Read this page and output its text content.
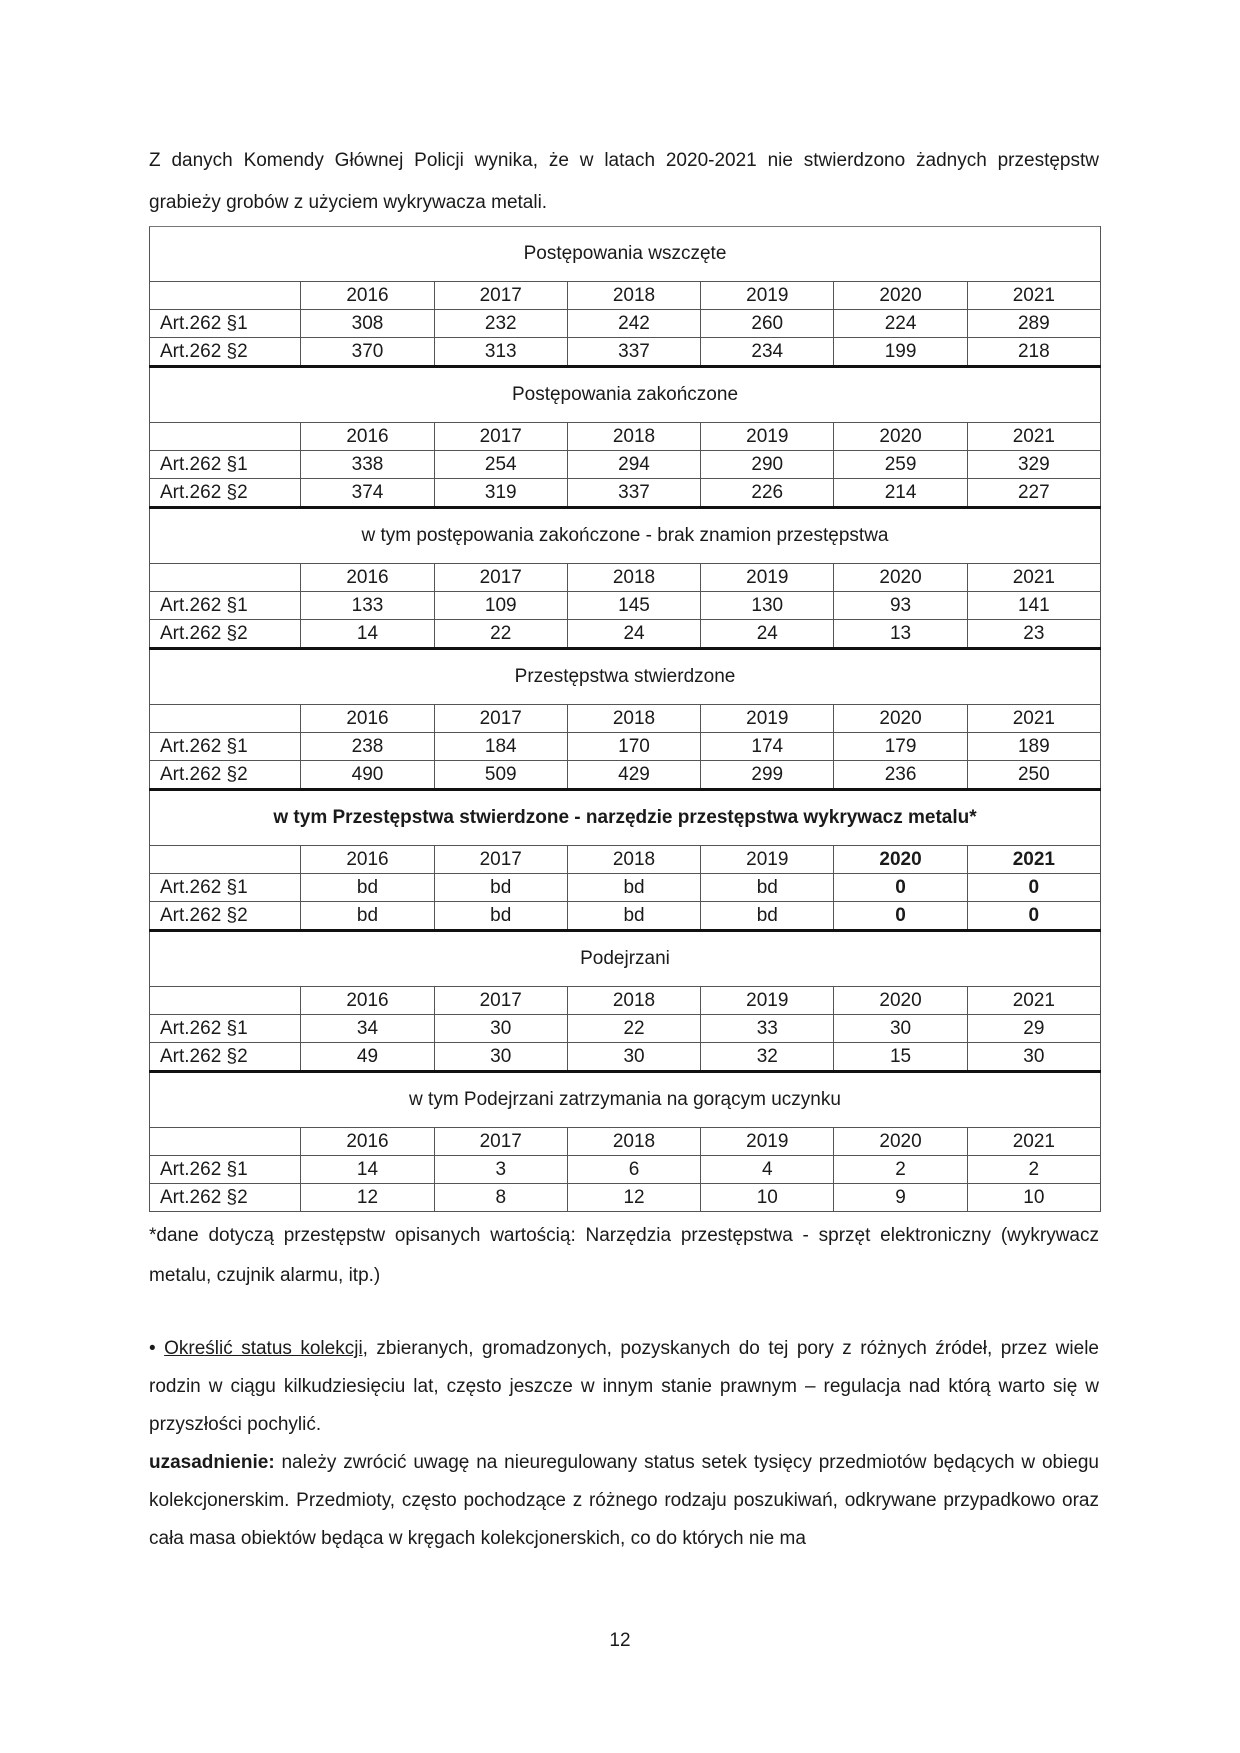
Z danych Komendy Głównej Policji wynika, że w latach 2020-2021 nie stwierdzono żadnych przestępstw grabieży grobów z użyciem wykrywacza metali.

Postępowania wszczęte						
	2016	2017	2018	2019	2020	2021
Art.262 §1	308	232	242	260	224	289
Art.262 §2	370	313	337	234	199	218
Postępowania zakończone						
	2016	2017	2018	2019	2020	2021
Art.262 §1	338	254	294	290	259	329
Art.262 §2	374	319	337	226	214	227
w tym postępowania zakończone - brak znamion przestępstwa						
	2016	2017	2018	2019	2020	2021
Art.262 §1	133	109	145	130	93	141
Art.262 §2	14	22	24	24	13	23
Przestępstwa stwierdzone						
	2016	2017	2018	2019	2020	2021
Art.262 §1	238	184	170	174	179	189
Art.262 §2	490	509	429	299	236	250
w tym Przestępstwa stwierdzone - narzędzie przestępstwa wykrywacz metalu*						
	2016	2017	2018	2019	2020	2021
Art.262 §1	bd	bd	bd	bd	0	0
Art.262 §2	bd	bd	bd	bd	0	0
Podejrzani						
	2016	2017	2018	2019	2020	2021
Art.262 §1	34	30	22	33	30	29
Art.262 §2	49	30	30	32	15	30
w tym Podejrzani zatrzymania na gorącym uczynku						
	2016	2017	2018	2019	2020	2021
Art.262 §1	14	3	6	4	2	2
Art.262 §2	12	8	12	10	9	10

*dane dotyczą przestępstw opisanych wartością: Narzędzia przestępstwa - sprzęt elektroniczny (wykrywacz metalu, czujnik alarmu, itp.)

• Określić status kolekcji, zbieranych, gromadzonych, pozyskanych do tej pory z różnych źródeł, przez wiele rodzin w ciągu kilkudziesięciu lat, często jeszcze w innym stanie prawnym – regulacja nad którą warto się w przyszłości pochylić.

uzasadnienie: należy zwrócić uwagę na nieuregulowany status setek tysięcy przedmiotów będących w obiegu kolekcjonerskim. Przedmioty, często pochodzące z różnego rodzaju poszukiwań, odkrywane przypadkowo oraz cała masa obiektów będąca w kręgach kolekcjonerskich, co do których nie ma

12
